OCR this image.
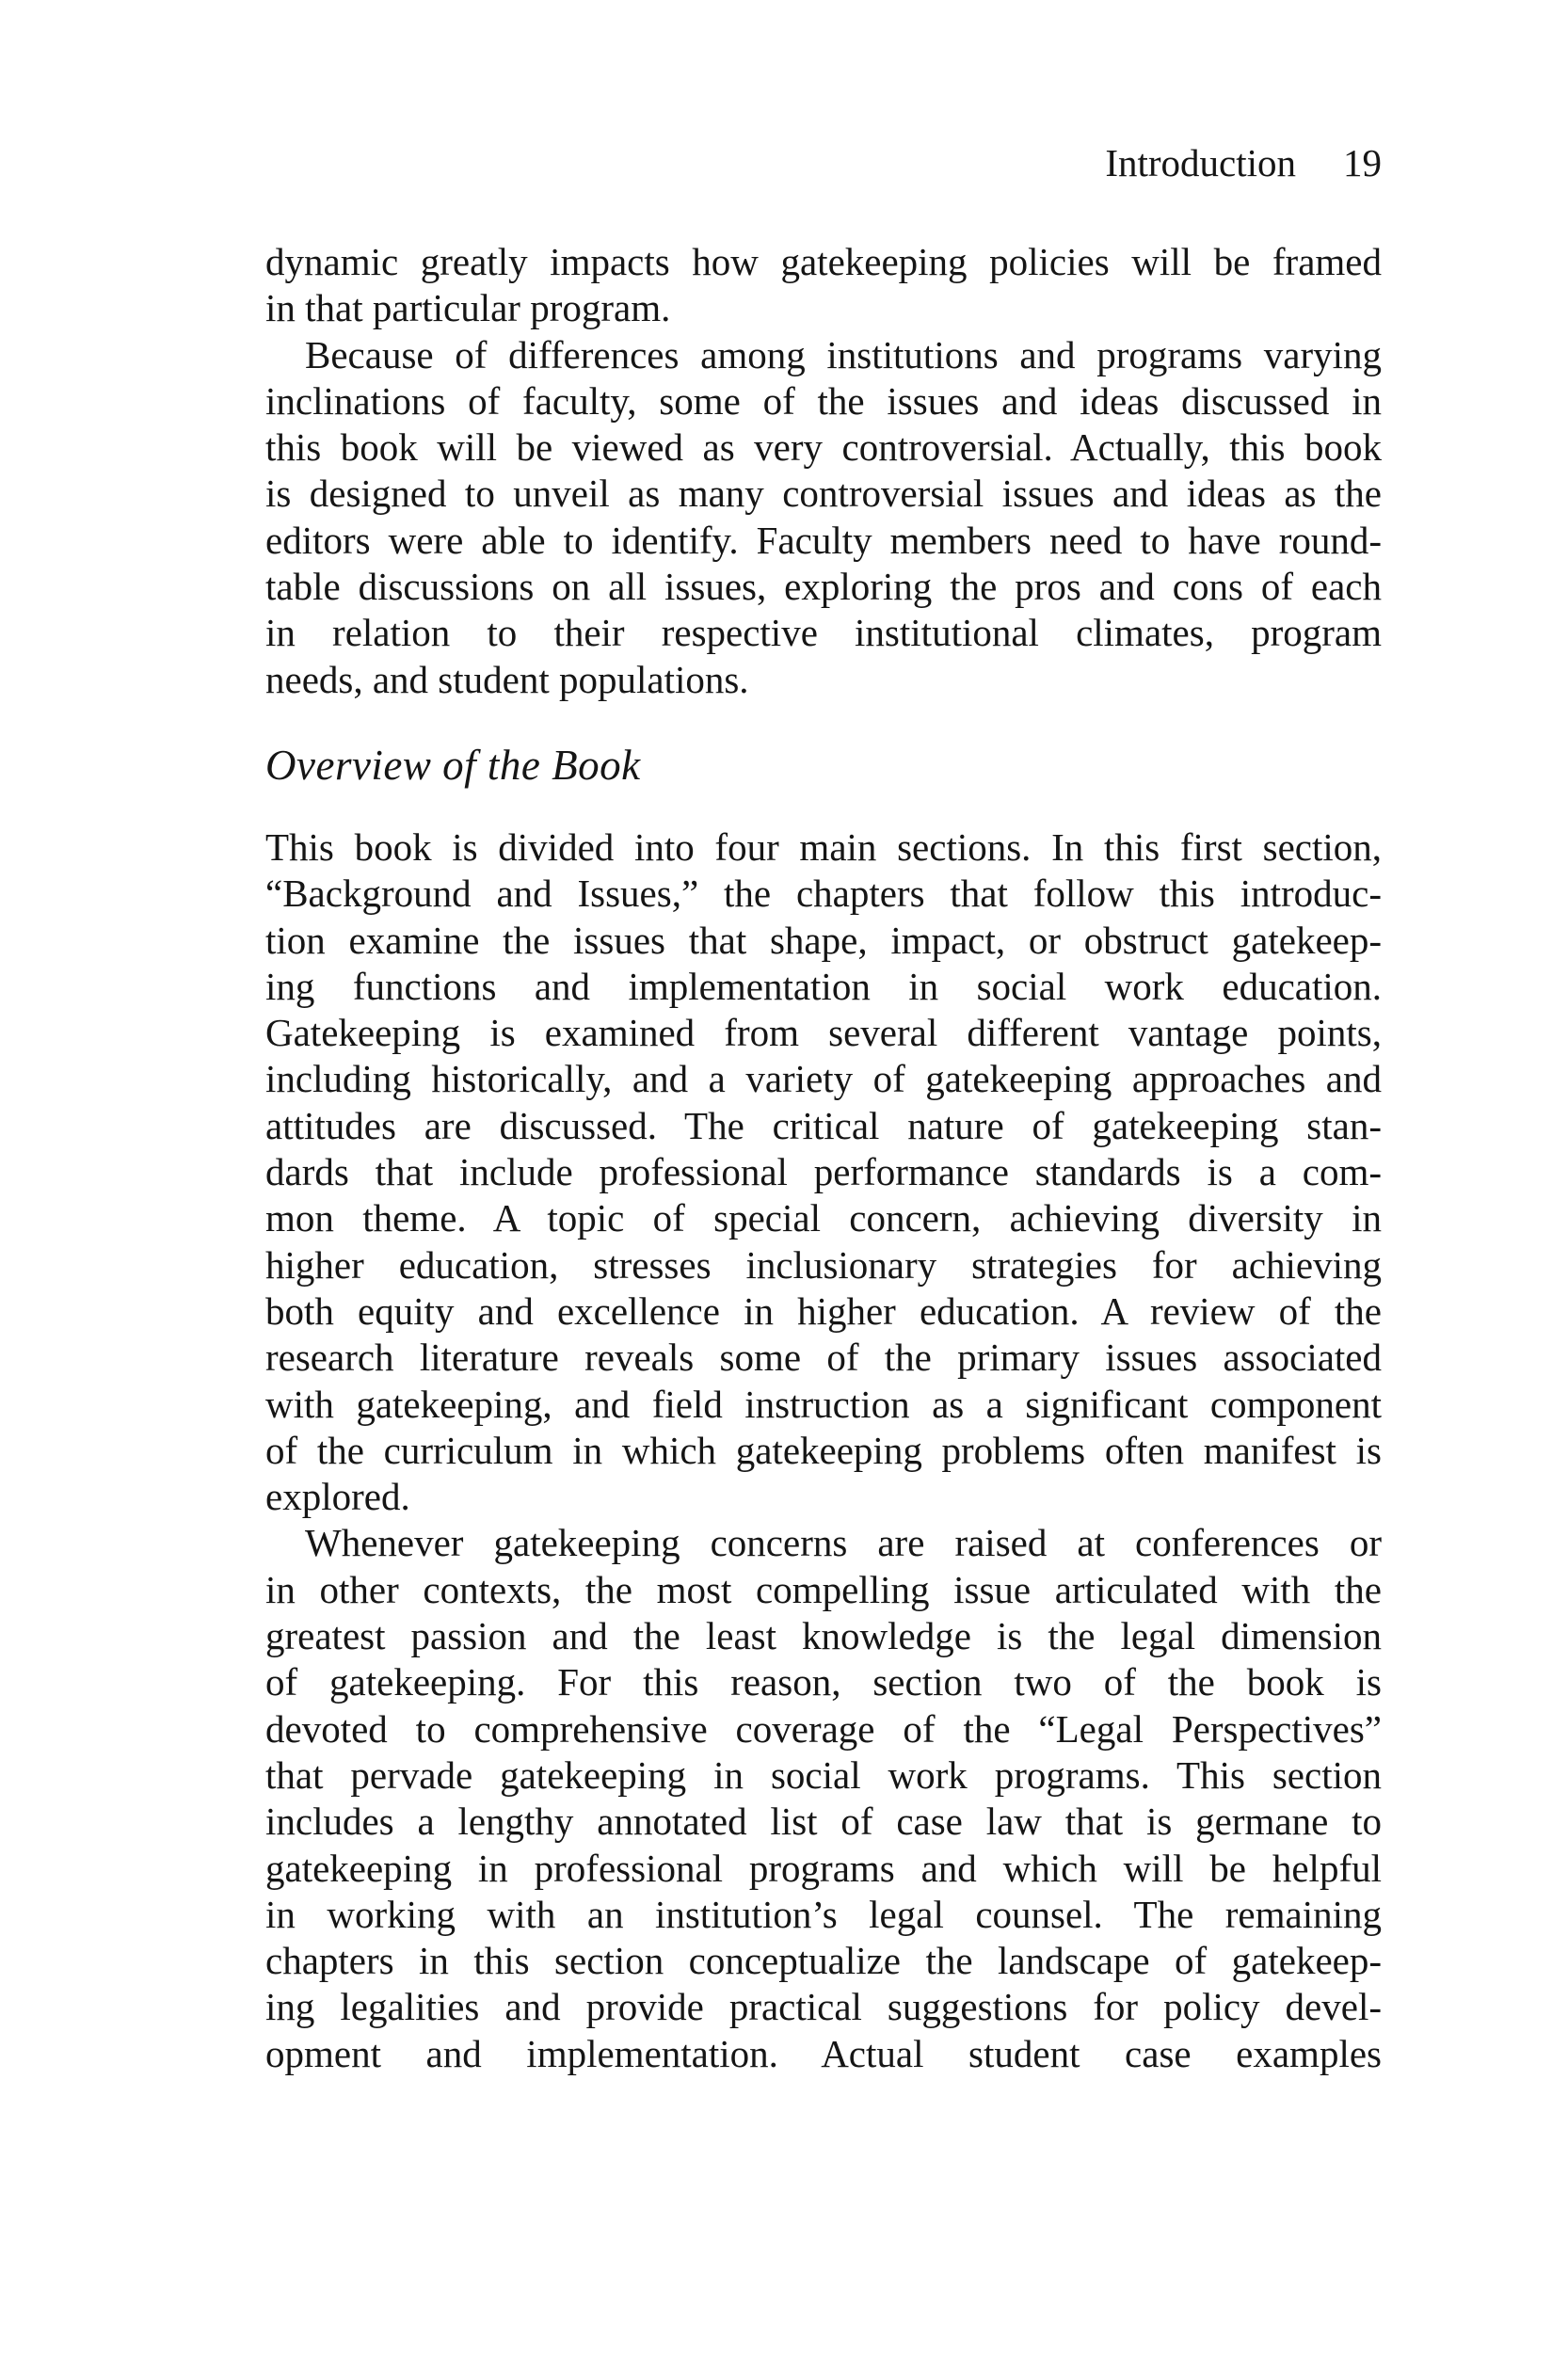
Introduction 19
dynamic greatly impacts how gatekeeping policies will be framed
in that particular program.
Because of differences among institutions and programs varying
inclinations of faculty, some of the issues and ideas discussed in
this book will be viewed as very controversial. Actually, this book
is designed to unveil as many controversial issues and ideas as the
editors were able to identify. Faculty members need to have round-
table discussions on all issues, exploring the pros and cons of each
in relation to their respective institutional climates, program
needs, and student populations.
Overview of the Book
This book is divided into four main sections. In this first section,
“Background and Issues,” the chapters that follow this introduc-
tion examine the issues that shape, impact, or obstruct gatekeep-
ing functions and implementation in social work education.
Gatekeeping is examined from several different vantage points,
including historically, and a variety of gatekeeping approaches and
attitudes are discussed. The critical nature of gatekeeping stan-
dards that include professional performance standards is a com-
mon theme. A topic of special concern, achieving diversity in
higher education, stresses inclusionary strategies for achieving
both equity and excellence in higher education. A review of the
research literature reveals some of the primary issues associated
with gatekeeping, and field instruction as a significant component
of the curriculum in which gatekeeping problems often manifest is
explored.
Whenever gatekeeping concerns are raised at conferences or
in other contexts, the most compelling issue articulated with the
greatest passion and the least knowledge is the legal dimension
of gatekeeping. For this reason, section two of the book is
devoted to comprehensive coverage of the “Legal Perspectives”
that pervade gatekeeping in social work programs. This section
includes a lengthy annotated list of case law that is germane to
gatekeeping in professional programs and which will be helpful
in working with an institution’s legal counsel. The remaining
chapters in this section conceptualize the landscape of gatekeep-
ing legalities and provide practical suggestions for policy devel-
opment and implementation. Actual student case examples
